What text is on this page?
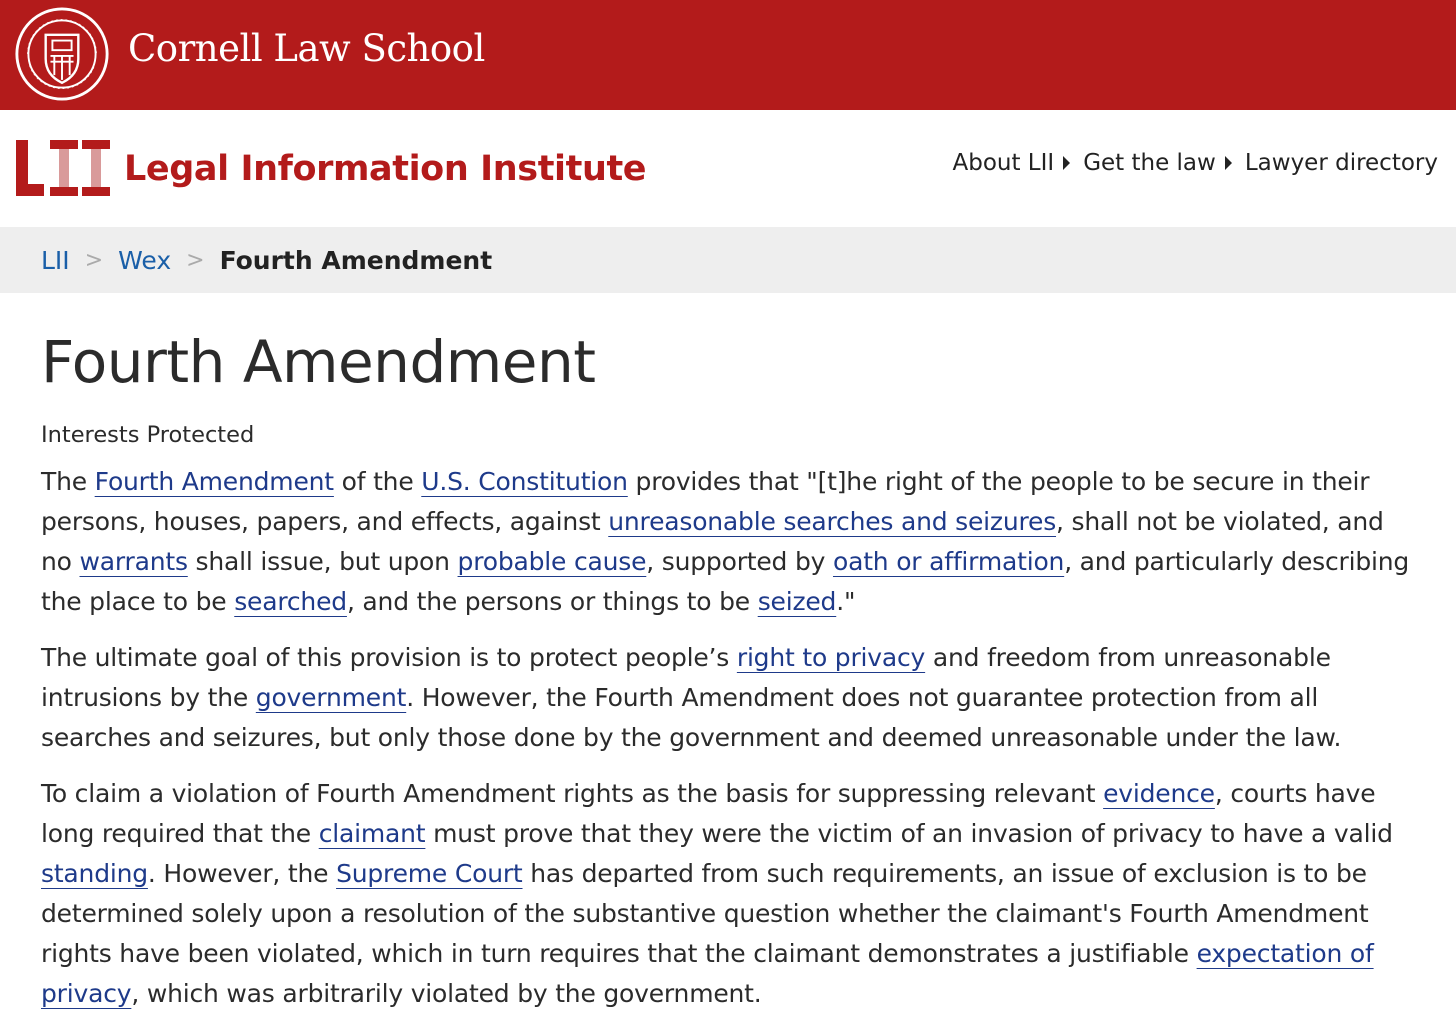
Cornell Law School
Legal Information Institute	About LII Get the law Lawyer directory
LII > Wex > Fourth Amendment
Fourth Amendment
Interests Protected

The Fourth Amendment of the U.S. Constitution provides that "[t]he right of the people to be secure in their persons, houses, papers, and effects, against unreasonable searches and seizures, shall not be violated, and no warrants shall issue, but upon probable cause, supported by oath or affirmation, and particularly describing the place to be searched, and the persons or things to be seized."

The ultimate goal of this provision is to protect people’s right to privacy and freedom from unreasonable intrusions by the government. However, the Fourth Amendment does not guarantee protection from all searches and seizures, but only those done by the government and deemed unreasonable under the law.

To claim a violation of Fourth Amendment rights as the basis for suppressing relevant evidence, courts have long required that the claimant must prove that they were the victim of an invasion of privacy to have a valid standing. However, the Supreme Court has departed from such requirements, an issue of exclusion is to be determined solely upon a resolution of the substantive question whether the claimant's Fourth Amendment rights have been violated, which in turn requires that the claimant demonstrates a justifiable expectation of privacy, which was arbitrarily violated by the government.
